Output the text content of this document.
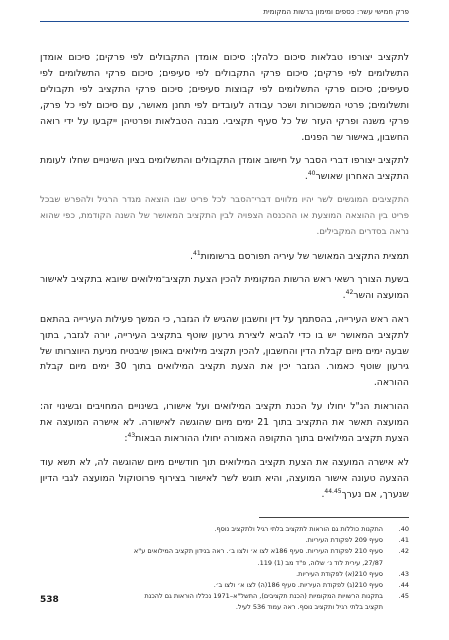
פרק חמישי עשר: כספים ומימון ברשות המקומית

לתקציב יצורפו טבלאות סיכום כלהלן: סיכום אומדן התקבולים לפי פרקים; סיכום אומדן התשלומים לפי פרקים; סיכום פרקי התקבולים לפי סעיפים; סיכום פרקי התשלומים לפי סעיפים; סיכום פרקי התשלומים לפי קבוצות סעיפים; סיכום פרקי התקציב לפי תקבולים ותשלומים; פרטי המשכורות ושכר עבודה לעובדים לפי תחנן מאושר, עם סיכום לפי כל פרק, פרקי משנה ופרקי העזר של כל סעיף תקציבי. מבנה הטבלאות ופרטיהן ייקבעו על ידי רואה החשבון, באישור שר הפנים.

לתקציב יצורפו דברי הסבר על חישוב אומדן התקבולים והתשלומים בציון השינויים שחלו לעומת התקציב האחרון שאושר$^{40}$.

התקציבים המוגשים לשר יהיו מלווים דברי־הסבר לכל פריט שבו הוצאה מגדר הרגיל ולהפרש שבכל פריט בין ההוצאה המוצעת או ההכנסה הצפויה לבין התקציב המאושר של השנה הקודמת, כפי שהוא נראה בסדרים המקבילים.

תמצית התקציב המאושר של עיריה תפורסם ברשומות$^{41}$.

בשעת הצורך רשאי ראש הרשות המקומית להכין הצעת תקציב־מילואים שיובא בתקציב לאישור המועצה והשר$^{42}$.

ראה ראש העירייה, בהסתמך על דין וחשבון שהגיש לו הגזבר, כי המשך פעילות העירייה בהתאם לתקציב המאושר יש בו כדי להביא ליצירת גירעון שוטף בתקציב העירייה, יורה לגזבר, בתוך שבעה ימים מיום קבלת הדין והחשבון, להכין תקציב מילואים באופן שיבטיח מניעת היווצרותו של גירעון שוטף כאמור. הגזבר יכין את הצעת תקציב המילואים בתוך 30 ימים מיום קבלת ההוראה.

ההוראות הנ"ל יחולו על הכנת תקציב המילואים ועל אישורו, בשינויים המחויבים ובשינוי זה: המועצה תאשר את התקציב בתוך 21 ימים מיום שהוגשה לאישורה. לא אישרה המועצה את הצעת תקציב המילואים בתוך התקופה האמורה יחולו ההוראות הבאות$^{43}$:

לא אישרה המועצה את הצעת תקציב המילואים תוך חודשיים מיום שהוגשה לה, לא תשא עוד ההצעה טעונה אישור המועצה, והיא תוגש לשר לאישור בצירוף פרוטוקול המועצה לגבי הדיון שנערך, אם נערך$^{44.45}$.

40.
התקנות כוללות גם הוראות לתקציב בלתי רגיל ולתקציב נוסף.
41.
סעיף 209 לפקודת העיריות.
42.
סעיף 210 לפקודת העיריות. סעיף 186א לצו א׳ ולצו ב׳. ראה בנידון תקציב המילואים ע"א
27/87, עירית לוד נ׳ שלוה, פ"ד מב (1) 119.
43.
סעיף 210(א) לפקודת העיריות.
44.
סעיף 210(ג) לפקודת העיריות. סעיף 186(ה) לצו א׳ ולצו ב׳.
45.
בתקנות הרשויות המקומיות (הכנת תקציבים), התשל"א–1971 נכללו הוראות גם להכנת
תקציב בלתי רגיל ותקציב נוסף. ראה עמוד 536 לעיל.
538
